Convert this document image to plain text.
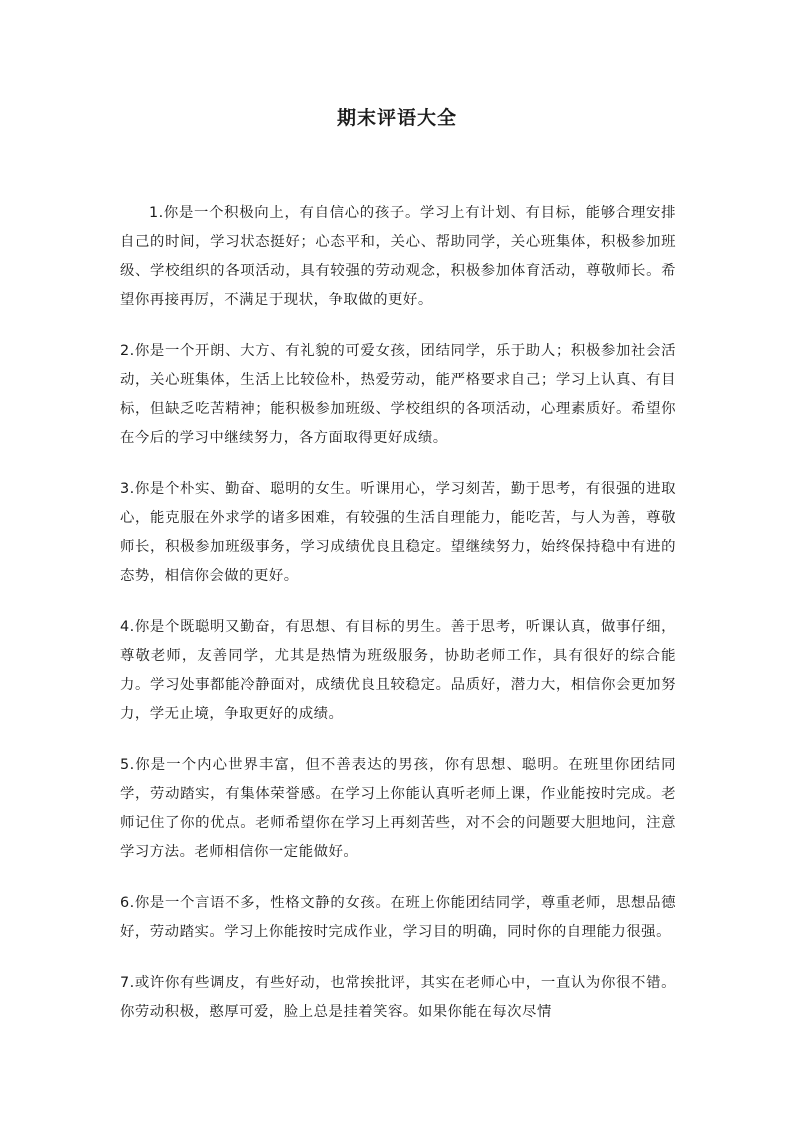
期末评语大全

1.你是一个积极向上，有自信心的孩子。学习上有计划、有目标，能够合理安排自己的时间，学习状态挺好；心态平和，关心、帮助同学，关心班集体，积极参加班级、学校组织的各项活动，具有较强的劳动观念，积极参加体育活动，尊敬师长。希望你再接再厉，不满足于现状，争取做的更好。

2.你是一个开朗、大方、有礼貌的可爱女孩，团结同学，乐于助人；积极参加社会活动，关心班集体，生活上比较俭朴，热爱劳动，能严格要求自己；学习上认真、有目标，但缺乏吃苦精神；能积极参加班级、学校组织的各项活动，心理素质好。希望你在今后的学习中继续努力，各方面取得更好成绩。

3.你是个朴实、勤奋、聪明的女生。听课用心，学习刻苦，勤于思考，有很强的进取心，能克服在外求学的诸多困难，有较强的生活自理能力，能吃苦，与人为善，尊敬师长，积极参加班级事务，学习成绩优良且稳定。望继续努力，始终保持稳中有进的态势，相信你会做的更好。

4.你是个既聪明又勤奋，有思想、有目标的男生。善于思考，听课认真，做事仔细，尊敬老师，友善同学，尤其是热情为班级服务，协助老师工作，具有很好的综合能力。学习处事都能冷静面对，成绩优良且较稳定。品质好，潜力大，相信你会更加努力，学无止境，争取更好的成绩。

5.你是一个内心世界丰富，但不善表达的男孩，你有思想、聪明。在班里你团结同学，劳动踏实，有集体荣誉感。在学习上你能认真听老师上课，作业能按时完成。老师记住了你的优点。老师希望你在学习上再刻苦些，对不会的问题要大胆地问，注意学习方法。老师相信你一定能做好。

6.你是一个言语不多，性格文静的女孩。在班上你能团结同学，尊重老师，思想品德好，劳动踏实。学习上你能按时完成作业，学习目的明确，同时你的自理能力很强。

7.或许你有些调皮，有些好动，也常挨批评，其实在老师心中，一直认为你很不错。你劳动积极，憨厚可爱，脸上总是挂着笑容。如果你能在每次尽情
